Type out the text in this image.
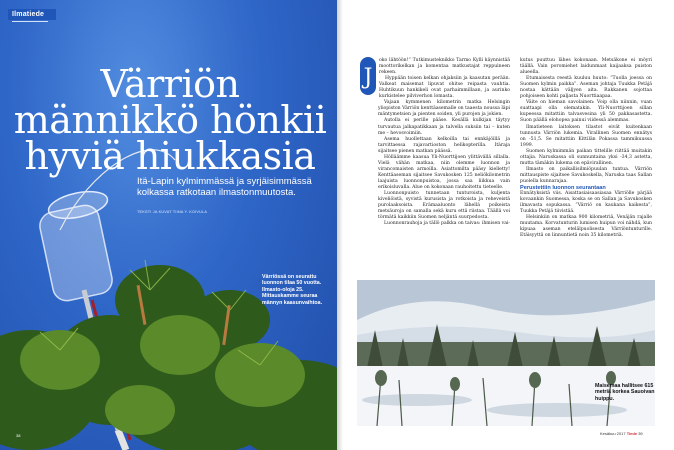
Ilmatiede
Värriön
männikkö hönkii
hyviä hiukkasia
Itä-Lapin kylmimmässä ja syrjäisimmässä kolkassa ratkotaan ilmastonmuutosta.
TEKSTI JA KUVAT TIINA Y. KOIVULA
Värriössä on seurattu luonnon tilaa 50 vuotta. Ilmasto-olojа 25. Mittauskamme seuraa männyn kaasunvaihtoa.
38
J

oko lähtöön!” Tutkimusteknikko Tarmo Kylli käynnistää moottorikelkan ja komentaa matkustajat reppuineen rekeen.

Hyppään toisen kelkan ohjaksiin ja kaasutan perään. Valkeat maisemat lipuvat ohitse reipasta vauhtia. Huhtikuun hankikeli ovat parhaimmillaan, ja aurinko kurkistelee pilviverhon lomasta.

Vajaan kymmenen kilometrin matka Helsingin yliopiston Värriön kenttäasemalle on taaesta noussa läpi mäntymetsien ja pienten soiden, yli purojen ja jokien.

Autolla ei perille pääse. Kesällä kulkijan täytyy turvautua jalkapatikkaan ja talvella suksiin tai – kuten me – hevosvoimiin.

Asema huollettaan kelkoilla tai ennkäjöillä ja tarvittaessa rajavartioston helikopterilla. Itärajа sijaitsee pienen matkan päässä.

Hölläämme kaasua Yli-Nuorttijoen ylittävällä sillalla. Vielä vähän matkaa, niin olemme luonnon ja virancomaisten armoilla. Asiattomilta pääsy kielletty! Kenttäaseman sijaitsee Savukosken 125 neliökilometrin laajuista luonnonpuistoa, jossa saa liikkua vain erikoisluvalla. Alue on kokonaan rauhoitettu tieteelle.

Luonnonpuisto tunnetaan tunturoista, kuljenta kiveliöistä, syvistä kurusista ja rotkoista ja reheveistä purolaaksoista. Erämaaluonto lähellä poikeista metsäuroja on samalla sekä kuru että riistaa. Täällä voi törmätä kaikkiin Suomen neljäntä suurpedosta.

Luonnonrauhoja ja tällö palkka on taivas: ihmisen vai-

kutus puuttuu lähes kokonaan. Metsäkone ei möyri täällä. Vain poromiehet laidunmaat kaijaaksa puiston alueella.

Etumaisesta reestä kuuluu huuto: ”Tuolla joessa on Suomen kylmin paikka”. Aseman johtaja Tuukka Petäjä nostaa kättään väljyen aita. Rakkanen sojottaa pohjoiseen kohti paljasta Nuorttiaapaa.

Väite on hieman savolainen: Voip olla niinnin, vuan suattaapi olla olematakin. Yli-Nuorttijoen sillan kupeessa mitattiin talvasvesina yli 50 pakkasastetta. Suon päällä elohopea painui viidessä alemmas.

Ilmatieteen laitoksen tilastot eivät kuitenkaan tunnusta Värriön lukemia. Virallinen Suomen ennätys on -51,5. Se mitattiin Kittilän Pokassa tammikuussa 1999.

Suomen kylmimmän paikan tittelille riittää muitakin ottajia. Naruskassa oli sunnuntaina yksi -34,3 astetta, mutta tämäkin lukema on epävirallinen.

Ilmasto on paikallisilmiöpuulan tuntua. Värriön mittauspiste sijaitsee Savukoskella, Naruska taas Sallan puolella kunnarajaa.

Perustettiin luonnon seurantaan

Ennätyksistä viis. Aisattasiaisaasiasaa Värriölle pärjää kovaankin Suomessa, koska se on Sallan ja Savukosken ilmavasta sopukassa. ”Värriö on kaukana kaikesta”, Tuukka Petäjä tiivistää.

Helsinkiin on matkaa 900 kilometriä, Venäjän rajalle muutama. Korvatunturin lumisen huipun voi nähdä, kun kipuaa aseman etelälpuolisesta Värriöntunturille. Etäisyyttä on linnuntietä noin 35 kilometriä.

Maisemaa hallitsee 615 metriä korkea Sauoivan huippu.
Kesäkuu 2017 Tiede 39
